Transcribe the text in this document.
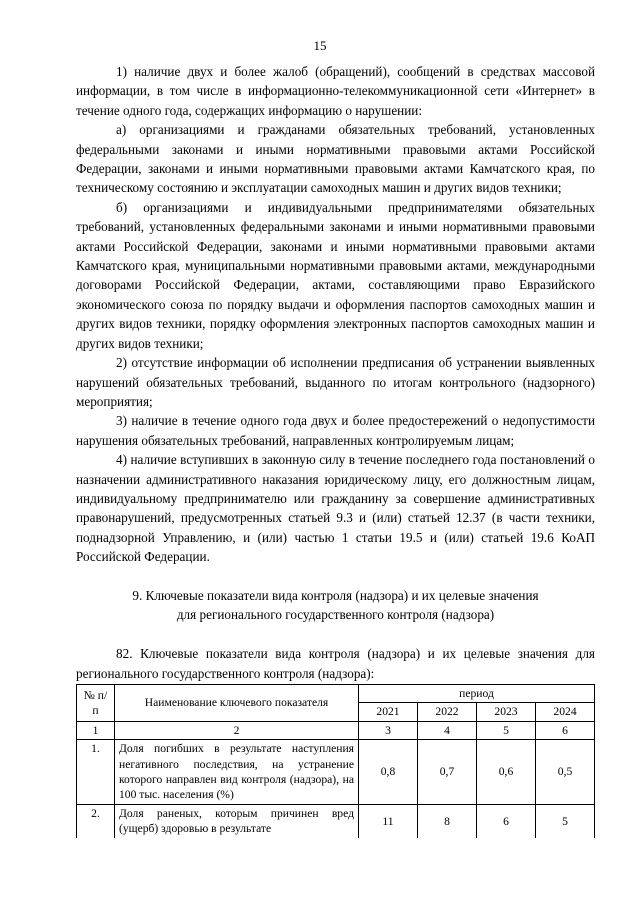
15

1) наличие двух и более жалоб (обращений), сообщений в средствах массовой информации, в том числе в информационно-телекоммуникационной сети «Интернет» в течение одного года, содержащих информацию о нарушении:

а) организациями и гражданами обязательных требований, установленных федеральными законами и иными нормативными правовыми актами Российской Федерации, законами и иными нормативными правовыми актами Камчатского края, по техническому состоянию и эксплуатации самоходных машин и других видов техники;

б) организациями и индивидуальными предпринимателями обязательных требований, установленных федеральными законами и иными нормативными правовыми актами Российской Федерации, законами и иными нормативными правовыми актами Камчатского края, муниципальными нормативными правовыми актами, международными договорами Российской Федерации, актами, составляющими право Евразийского экономического союза по порядку выдачи и оформления паспортов самоходных машин и других видов техники, порядку оформления электронных паспортов самоходных машин и других видов техники;

2) отсутствие информации об исполнении предписания об устранении выявленных нарушений обязательных требований, выданного по итогам контрольного (надзорного) мероприятия;

3) наличие в течение одного года двух и более предостережений о недопустимости нарушения обязательных требований, направленных контролируемым лицам;

4) наличие вступивших в законную силу в течение последнего года постановлений о назначении административного наказания юридическому лицу, его должностным лицам, индивидуальному предпринимателю или гражданину за совершение административных правонарушений, предусмотренных статьей 9.3 и (или) статьей 12.37 (в части техники, поднадзорной Управлению, и (или) частью 1 статьи 19.5 и (или) статьей 19.6 КоАП Российской Федерации.

9. Ключевые показатели вида контроля (надзора) и их целевые значения
для регионального государственного контроля (надзора)

82. Ключевые показатели вида контроля (надзора) и их целевые значения для регионального государственного контроля (надзора):

№ п/п	Наименование ключевого показателя	период			
		2021	2022	2023	2024
1	2	3	4	5	6
1.	Доля погибших в результате наступления негативного последствия, на устранение которого направлен вид контроля (надзора), на 100 тыс. населения (%)	0,8	0,7	0,6	0,5
2.	Доля раненых, которым причинен вред (ущерб) здоровью в результате	11	8	6	5
